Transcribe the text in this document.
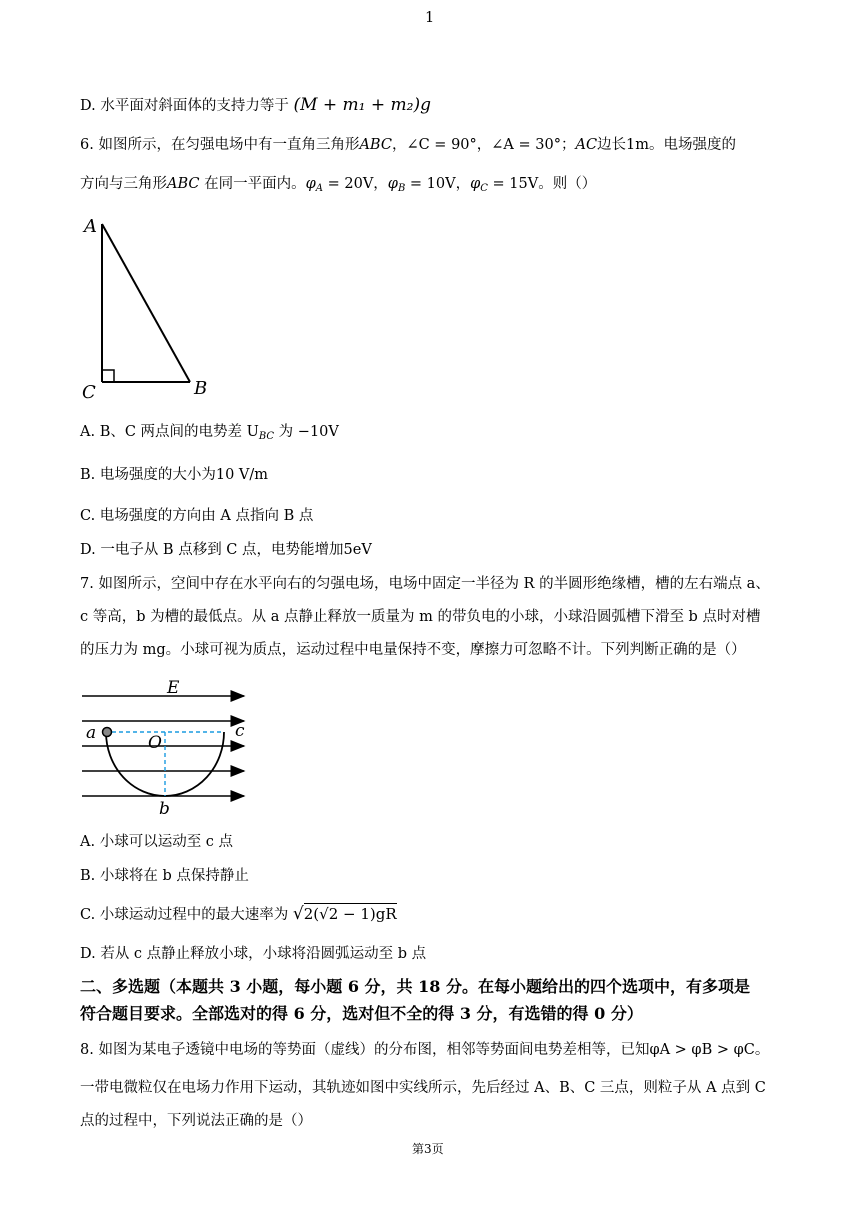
1
D. 水平面对斜面体的支持力等于 (M + m₁ + m₂)g
6. 如图所示，在匀强电场中有一直角三角形ABC，∠C = 90°，∠A = 30°；AC边长1m。电场强度的
方向与三角形ABC 在同一平面内。$\varphi_A = 20V$，$\varphi_B = 10V$，$\varphi_C = 15V$。则（）
A
C	B
A. B、C 两点间的电势差 $U_{BC}$ 为 −10V
B. 电场强度的大小为10 V/m
C. 电场强度的方向由 A 点指向 B 点
D. 一电子从 B 点移到 C 点，电势能增加5eV
7. 如图所示，空间中存在水平向右的匀强电场，电场中固定一半径为 R 的半圆形绝缘槽，槽的左右端点 a、
c 等高，b 为槽的最低点。从 a 点静止释放一质量为 m 的带负电的小球，小球沿圆弧槽下滑至 b 点时对槽
的压力为 mg。小球可视为质点，运动过程中电量保持不变，摩擦力可忽略不计。下列判断正确的是（）
E
a	c
O
b
A. 小球可以运动至 c 点
B. 小球将在 b 点保持静止
C. 小球运动过程中的最大速率为 √2(√2 − 1)gR
D. 若从 c 点静止释放小球，小球将沿圆弧运动至 b 点
二、多选题（本题共 3 小题，每小题 6 分，共 18 分。在每小题给出的四个选项中，有多项是
符合题目要求。全部选对的得 6 分，选对但不全的得 3 分，有选错的得 0 分）
8. 如图为某电子透镜中电场的等势面（虚线）的分布图，相邻等势面间电势差相等，已知φA > φB > φC。
一带电微粒仅在电场力作用下运动，其轨迹如图中实线所示，先后经过 A、B、C 三点，则粒子从 A 点到 C
点的过程中，下列说法正确的是（）
第3页
